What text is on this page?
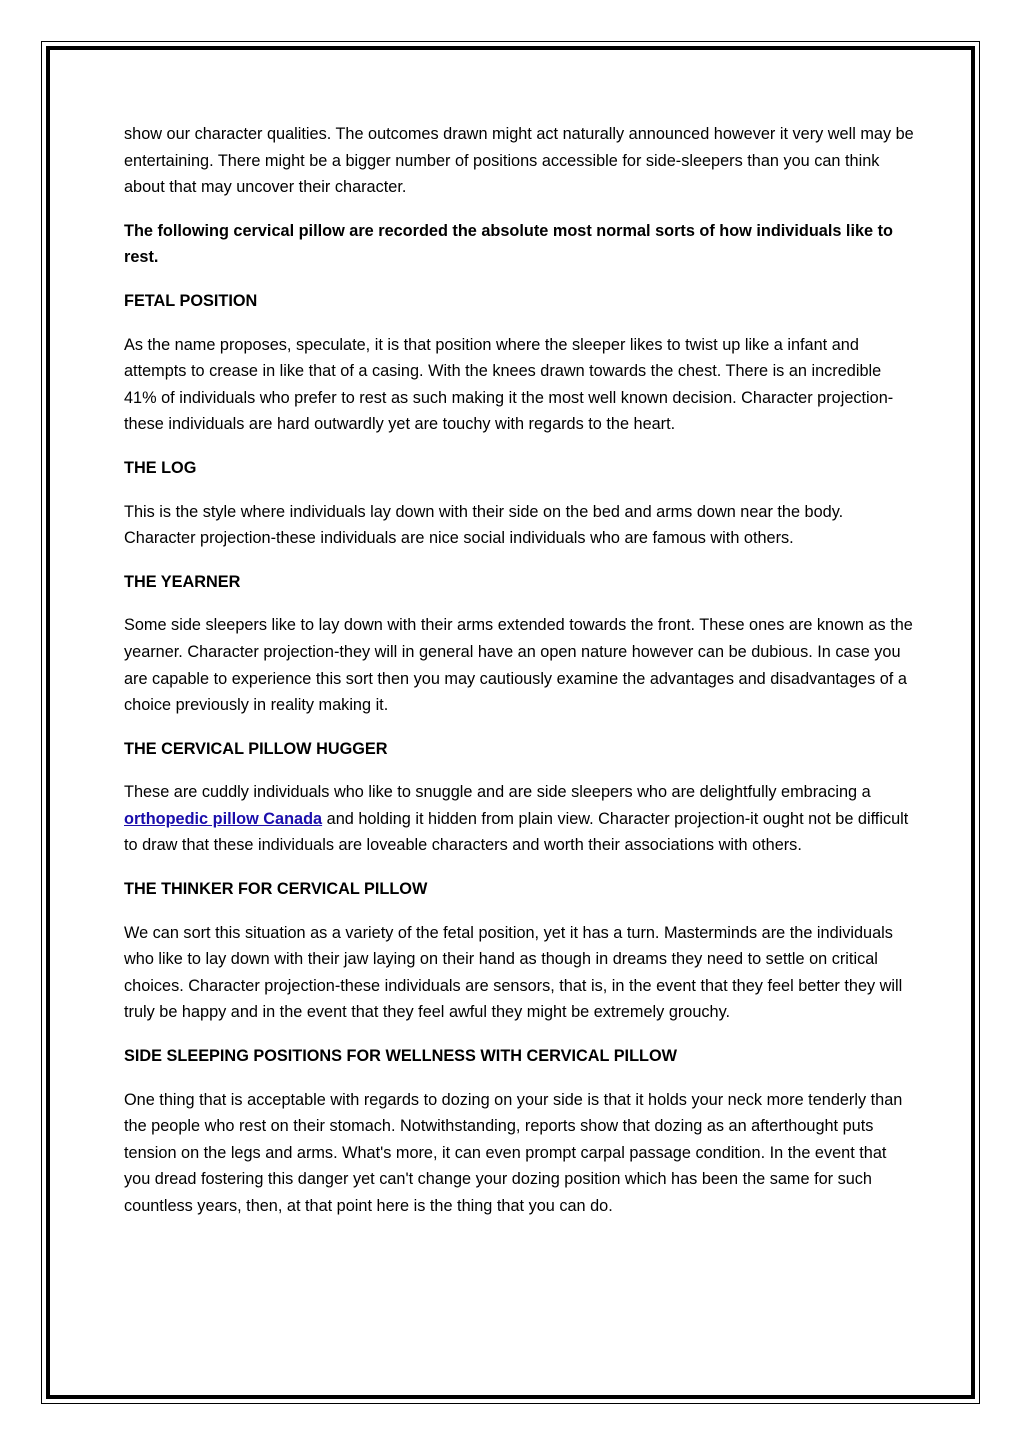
show our character qualities. The outcomes drawn might act naturally announced however it very well may be entertaining. There might be a bigger number of positions accessible for side-sleepers than you can think about that may uncover their character.

The following cervical pillow are recorded the absolute most normal sorts of how individuals like to rest.

FETAL POSITION

As the name proposes, speculate, it is that position where the sleeper likes to twist up like a infant and attempts to crease in like that of a casing. With the knees drawn towards the chest. There is an incredible 41% of individuals who prefer to rest as such making it the most well known decision. Character projection-these individuals are hard outwardly yet are touchy with regards to the heart.

THE LOG

This is the style where individuals lay down with their side on the bed and arms down near the body. Character projection-these individuals are nice social individuals who are famous with others.

THE YEARNER

Some side sleepers like to lay down with their arms extended towards the front. These ones are known as the yearner. Character projection-they will in general have an open nature however can be dubious. In case you are capable to experience this sort then you may cautiously examine the advantages and disadvantages of a choice previously in reality making it.

THE CERVICAL PILLOW HUGGER

These are cuddly individuals who like to snuggle and are side sleepers who are delightfully embracing a orthopedic pillow Canada and holding it hidden from plain view. Character projection-it ought not be difficult to draw that these individuals are loveable characters and worth their associations with others.

THE THINKER FOR CERVICAL PILLOW

We can sort this situation as a variety of the fetal position, yet it has a turn. Masterminds are the individuals who like to lay down with their jaw laying on their hand as though in dreams they need to settle on critical choices. Character projection-these individuals are sensors, that is, in the event that they feel better they will truly be happy and in the event that they feel awful they might be extremely grouchy.

SIDE SLEEPING POSITIONS FOR WELLNESS WITH CERVICAL PILLOW

One thing that is acceptable with regards to dozing on your side is that it holds your neck more tenderly than the people who rest on their stomach. Notwithstanding, reports show that dozing as an afterthought puts tension on the legs and arms. What's more, it can even prompt carpal passage condition. In the event that you dread fostering this danger yet can't change your dozing position which has been the same for such countless years, then, at that point here is the thing that you can do.
